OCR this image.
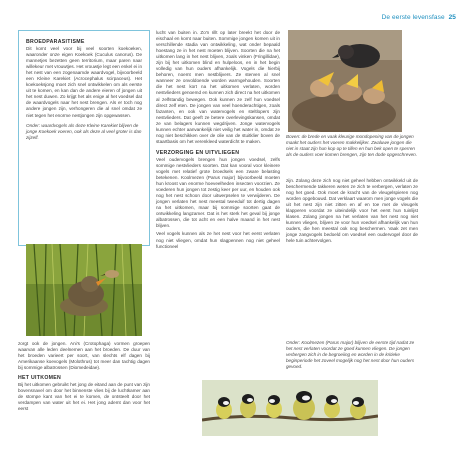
De eerste levensfase 25
BROEDPARASITISME

Dit komt veel voor bij veel soorten koekoeken, waaronder onze eigen Koekoek (Cuculus canorus). De mannetjes bezetten geen territorium, maar paren naar willekeur met vrouwtjes. Het vrouwtje legt een enkel ei in het nest van een zogenaamde waardvogel, bijvoorbeeld een Kleine Karekiet (Acrocephalus scirpaceus). Het koekoeksjong moet zich snel ontwikkelen om als eerste uit te komen, en kan dan de andere eieren of jongen uit het nest duwen. Zo krijgt het als enige al het voedsel dat de waardvogels naar het nest brengen. Als er toch nog andere jongen zijn, verhongeren die al snel omdat ze niet tegen het enorme nestjongen zijn opgewassen.

Onder: waardvogels als deze Kleine Karekiet blijven de jonge Koekoek voeren, ook als deze al veel groter is dan zijzelf.

zorgt ook de jongen. Ani's (Crotophaga) vormen groepen waarvan alle leden deelnemen aan het broeden. De duur van het broeden varieert per soort, van slechts elf dagen bij Amerikaanse koevogels (Molothrus) tot meer dan tachtig dagen bij sommige albatrossen (Diomedeidae).

HET UITKOMEN

Bij het uitkomen gebruikt het jong de eitand aan de punt van zijn bovensnavel om door het binnenste vlies bij de luchtkamer aan de stompe kant van het ei te komen, de ontsteelt door het verdampen van water uit het ei. Het jong ademt dan voor het eerst

lucht van buiten in. Zo'n rillt op later breekt het door de eischaal en komt naar buiten. Sommige jongen komen uit in verschillende stadia van ontwikkeling, wat onder bepaald hoestang ze in het nest moeten blijven. Soorten die na het uitkomen lang in het nest blijven, zoals vinken (Fringillidae), zijn bij het uitkomen blind en hulpeloos, en in het begin volledig van hun ouders afhankelijk. Vogels die hierbij behoren, noemt men nestblijvers. Ze sterven al snel wanneer ze onvoldoende worden warmgehouden. Soorten die het nest kort na het uitkomen verlaten, worden nestvlieders genoemd en kunnen zich direct na het uitkomen al zelfstandig bewegen. Ook kunnen ze zelf hun voedsel direct zelf eten. De jongen van veel hoenderachtigen, zoals fazanten, en ook van watervogels en steltlopers zijn nestvlieders. Dat geeft ze betere overlevingskansen, omdat ze van belagers kunnen wegdrijven. Jonge watervogels kunnen echter aanvankelijk niet veilig het water in, omdat ze nog niet beschikken over de olie van de stuitklier boven de staartbasis om het verenkleed waterdicht te maken.

VERZORGING EN UITVLIEGEN

Veel oudervogels brengen hun jongen voedsel, zelfs sommige nestvlieders soorten. Dat kan vooral voor kleinere vogels met relatief grote broedsels een zware belasting betekenen. Koolmezen (Parus major) bijvoorbeeld moeten hun kroost van enorme hoeveelheden insecten voorzien. Ze voederen hun jongen tot zestig keer per uur, en houden ook nog het nest schoon door uitwerpselen te verwijderen. De jongen verlaten het nest meestal tweeduif tot dertig dagen na het uitkomen, maar bij sommige soorten gaat de ontwikkeling langzamer. Dat is het sterk het geval bij jonge albatrossen, die tot acht en een halve maand in het nest blijven.

Veel vogels kunnen als ze het nest voor het eerst verlaten nog niet vliegen, omdat hun slagpennen nog niet geheel functioneel

Boven: de brede en vaak kleurige mondopening van de jongen maakt het ouders het voeren makkelijker. Zwaluwe jongen die niet in staat zijn hun kop op te tillen en hun bek open te sperren als de ouders voer komen brengen, zijn ten dode opgeschreven.

zijn. Zolang deze zich nog niet geheel hebben ontwikkeld uit de beschermende takkeren weten ze zich te verbergen, verlaten ze nog het goed. Ook moet de kracht van de vleugelspieren nog worden opgebouwd. Dat verklaart waarom men jonge vogels die uit het nest zijn niet zitten en af en toe met de vleugels klapperen voordat ze uiteindelijk voor het eerst hun tuinlijst klasen. Zolang jongen na het verlaten van het nest nog niet kunnen vliegen, blijven ze voor hun voedsel afhankelijk van hun ouders, die hen meestal ook nog beschermen. Vaak zet men jonge zangvogels bedoeld om voedsel een oudervogel door de hele tuin achtervolgen.

Onder: Koolmezen (Parus major) blijven de eerste tijd nadat ze het nest verlaten voordat ze goed kunnen vliegen. De jongen verbergen zich in de begroeiing en worden in de kritieke beginperiode het zoveel mogelijk nog het nest door hun ouders gevoed.
